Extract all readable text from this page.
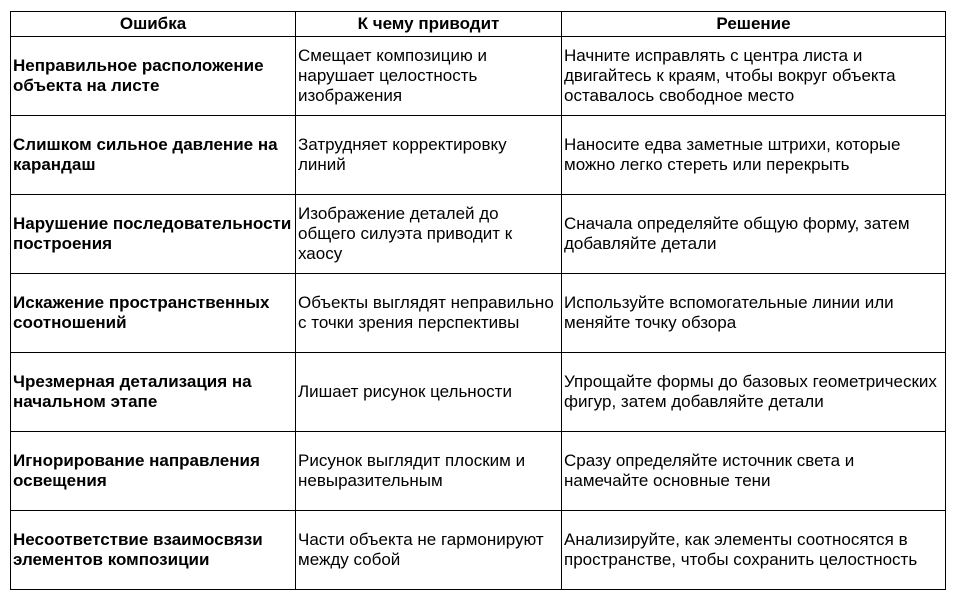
Ошибка	К чему приводит	Решение
Неправильное расположение объекта на листе	Смещает композицию и нарушает целостность изображения	Начните исправлять с центра листа и двигайтесь к краям, чтобы вокруг объекта оставалось свободное место
Слишком сильное давление на карандаш	Затрудняет корректировку линий	Наносите едва заметные штрихи, которые можно легко стереть или перекрыть
Нарушение последовательности построения	Изображение деталей до общего силуэта приводит к хаосу	Сначала определяйте общую форму, затем добавляйте детали
Искажение пространственных соотношений	Объекты выглядят неправильно с точки зрения перспективы	Используйте вспомогательные линии или меняйте точку обзора
Чрезмерная детализация на начальном этапе	Лишает рисунок цельности	Упрощайте формы до базовых геометрических фигур, затем добавляйте детали
Игнорирование направления освещения	Рисунок выглядит плоским и невыразительным	Сразу определяйте источник света и намечайте основные тени
Несоответствие взаимосвязи элементов композиции	Части объекта не гармонируют между собой	Анализируйте, как элементы соотносятся в пространстве, чтобы сохранить целостность
